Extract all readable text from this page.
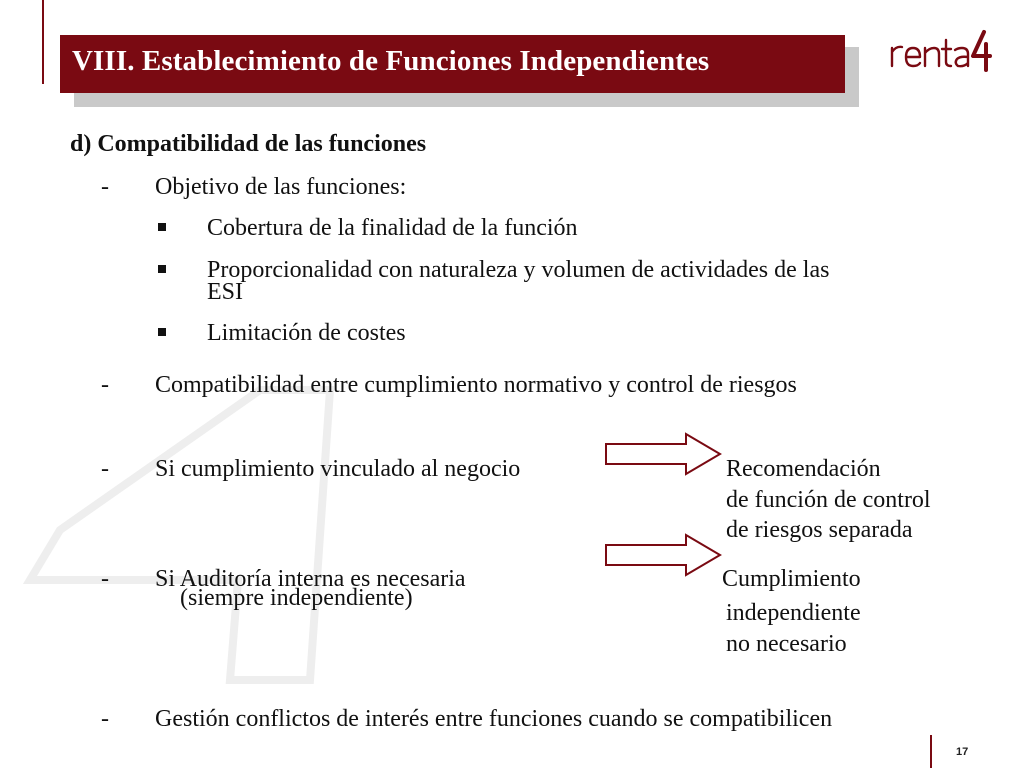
VIII. Establecimiento de Funciones Independientes
d) Compatibilidad de las funciones
- Objetivo de las funciones:
Cobertura de la finalidad de la función
Proporcionalidad con naturaleza y volumen de actividades de las
ESI
Limitación de costes
- Compatibilidad entre cumplimiento normativo y control de riesgos
- Si cumplimiento vinculado al negocio	Recomendación
de función de control
de riesgos separada
- Si Auditoría interna es necesaria
(siempre independiente)
Cumplimiento
independiente
no necesario
- Gestión conflictos de interés entre funciones cuando se compatibilicen
17
